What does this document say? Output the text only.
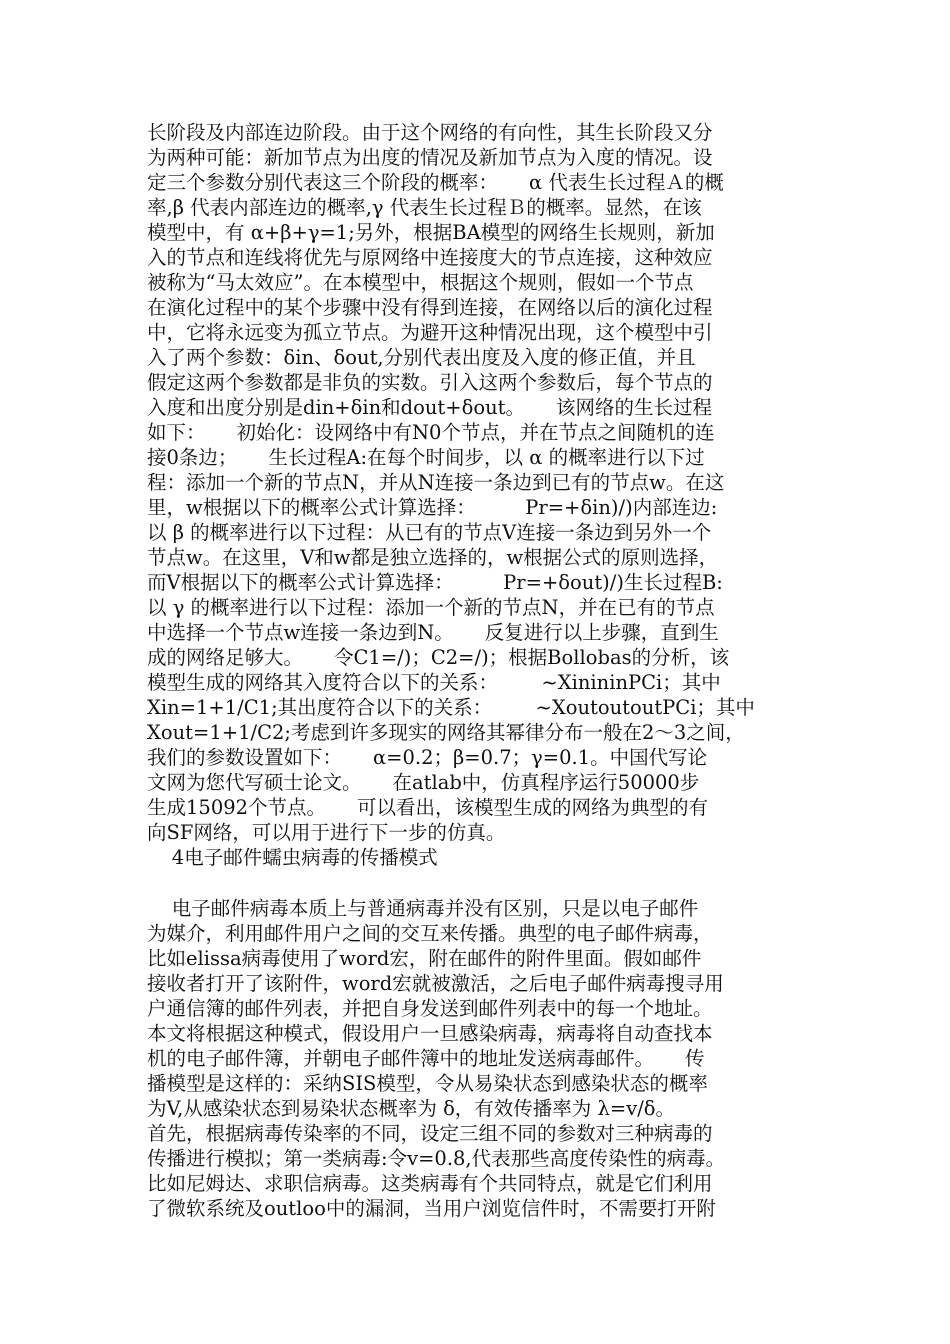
长阶段及内部连边阶段。由于这个网络的有向性，其生长阶段又分
为两种可能：新加节点为出度的情况及新加节点为入度的情况。设
定三个参数分别代表这三个阶段的概率：     α 代表生长过程Ａ的概
率,β 代表内部连边的概率,γ 代表生长过程Ｂ的概率。显然，在该
模型中，有 α+β+γ=1;另外，根据BA模型的网络生长规则，新加
入的节点和连线将优先与原网络中连接度大的节点连接，这种效应
被称为“马太效应”。在本模型中，根据这个规则，假如一个节点
在演化过程中的某个步骤中没有得到连接，在网络以后的演化过程
中，它将永远变为孤立节点。为避开这种情况出现，这个模型中引
入了两个参数：δin、δout,分别代表出度及入度的修正值，并且
假定这两个参数都是非负的实数。引入这两个参数后，每个节点的
入度和出度分别是din+δin和dout+δout。     该网络的生长过程
如下：     初始化：设网络中有N0个节点，并在节点之间随机的连
接0条边；     生长过程A:在每个时间步，以 α 的概率进行以下过
程：添加一个新的节点N，并从N连接一条边到已有的节点w。在这
里，w根据以下的概率公式计算选择：        Pr=+δin)/)内部连边:
以 β 的概率进行以下过程：从已有的节点V连接一条边到另外一个
节点w。在这里，V和w都是独立选择的，w根据公式的原则选择，
而V根据以下的概率公式计算选择：        Pr=+δout)/)生长过程B:
以 γ 的概率进行以下过程：添加一个新的节点N，并在已有的节点
中选择一个节点w连接一条边到N。     反复进行以上步骤，直到生
成的网络足够大。     令C1=/)；C2=/)；根据Bollobas的分析，该
模型生成的网络其入度符合以下的关系：       ~XinininPCi；其中
Xin=1+1/C1;其出度符合以下的关系：       ~XoutoutoutPCi；其中
Xout=1+1/C2;考虑到许多现实的网络其幂律分布一般在2～3之间，
我们的参数设置如下：     α=0.2；β=0.7；γ=0.1。中国代写论
文网为您代写硕士论文。     在atlab中，仿真程序运行50000步
生成15092个节点。     可以看出，该模型生成的网络为典型的有
向SF网络，可以用于进行下一步的仿真。
4电子邮件蠕虫病毒的传播模式
电子邮件病毒本质上与普通病毒并没有区别，只是以电子邮件
为媒介，利用邮件用户之间的交互来传播。典型的电子邮件病毒，
比如elissa病毒使用了word宏，附在邮件的附件里面。假如邮件
接收者打开了该附件，word宏就被激活，之后电子邮件病毒搜寻用
户通信簿的邮件列表，并把自身发送到邮件列表中的每一个地址。
本文将根据这种模式，假设用户一旦感染病毒，病毒将自动查找本
机的电子邮件簿，并朝电子邮件簿中的地址发送病毒邮件。     传
播模型是这样的：采纳SIS模型，令从易染状态到感染状态的概率
为V,从感染状态到易染状态概率为 δ，有效传播率为 λ=v/δ。
首先，根据病毒传染率的不同，设定三组不同的参数对三种病毒的
传播进行模拟；第一类病毒:令v=0.8,代表那些高度传染性的病毒。
比如尼姆达、求职信病毒。这类病毒有个共同特点，就是它们利用
了微软系统及outloo中的漏洞，当用户浏览信件时，不需要打开附
